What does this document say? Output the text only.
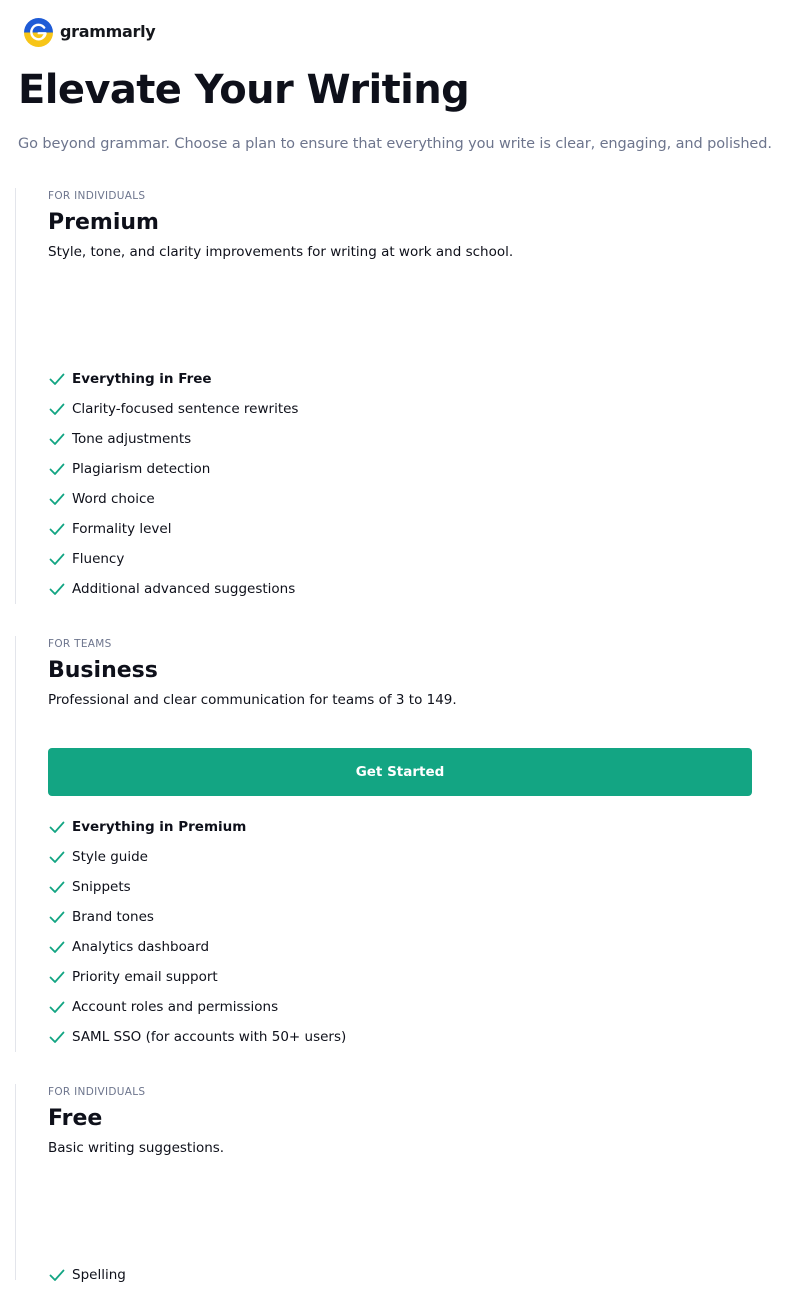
grammarly
Elevate Your Writing

Go beyond grammar. Choose a plan to ensure that everything you write is clear, engaging, and polished.

FOR INDIVIDUALS
Premium
Style, tone, and clarity improvements for writing at work and school.
Everything in Free
Clarity-focused sentence rewrites
Tone adjustments
Plagiarism detection
Word choice
Formality level
Fluency
Additional advanced suggestions
FOR TEAMS
Business
Professional and clear communication for teams of 3 to 149.
Get Started
Everything in Premium
Style guide
Snippets
Brand tones
Analytics dashboard
Priority email support
Account roles and permissions
SAML SSO (for accounts with 50+ users)
FOR INDIVIDUALS
Free
Basic writing suggestions.
Spelling
